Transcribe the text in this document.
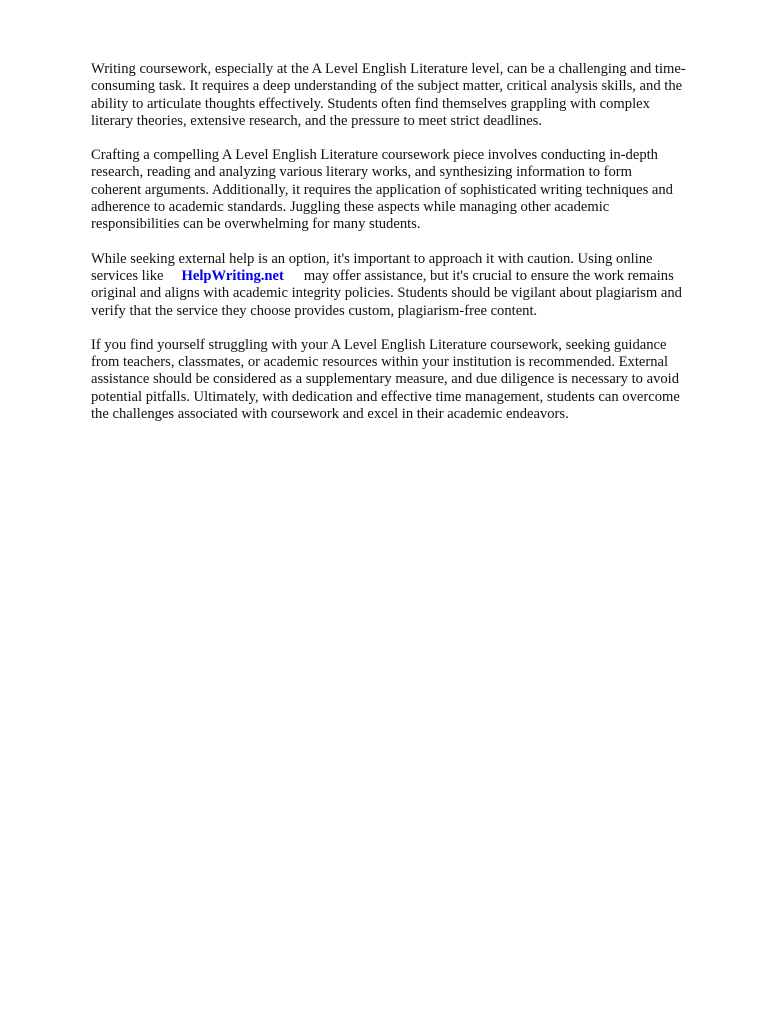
Writing coursework, especially at the A Level English Literature level, can be a challenging and time-
consuming task. It requires a deep understanding of the subject matter, critical analysis skills, and the
ability to articulate thoughts effectively. Students often find themselves grappling with complex
literary theories, extensive research, and the pressure to meet strict deadlines.

Crafting a compelling A Level English Literature coursework piece involves conducting in-depth
research, reading and analyzing various literary works, and synthesizing information to form
coherent arguments. Additionally, it requires the application of sophisticated writing techniques and
adherence to academic standards. Juggling these aspects while managing other academic
responsibilities can be overwhelming for many students.

While seeking external help is an option, it's important to approach it with caution. Using online
services like HelpWriting.net may offer assistance, but it's crucial to ensure the work remains
original and aligns with academic integrity policies. Students should be vigilant about plagiarism and
verify that the service they choose provides custom, plagiarism-free content.

If you find yourself struggling with your A Level English Literature coursework, seeking guidance
from teachers, classmates, or academic resources within your institution is recommended. External
assistance should be considered as a supplementary measure, and due diligence is necessary to avoid
potential pitfalls. Ultimately, with dedication and effective time management, students can overcome
the challenges associated with coursework and excel in their academic endeavors.
